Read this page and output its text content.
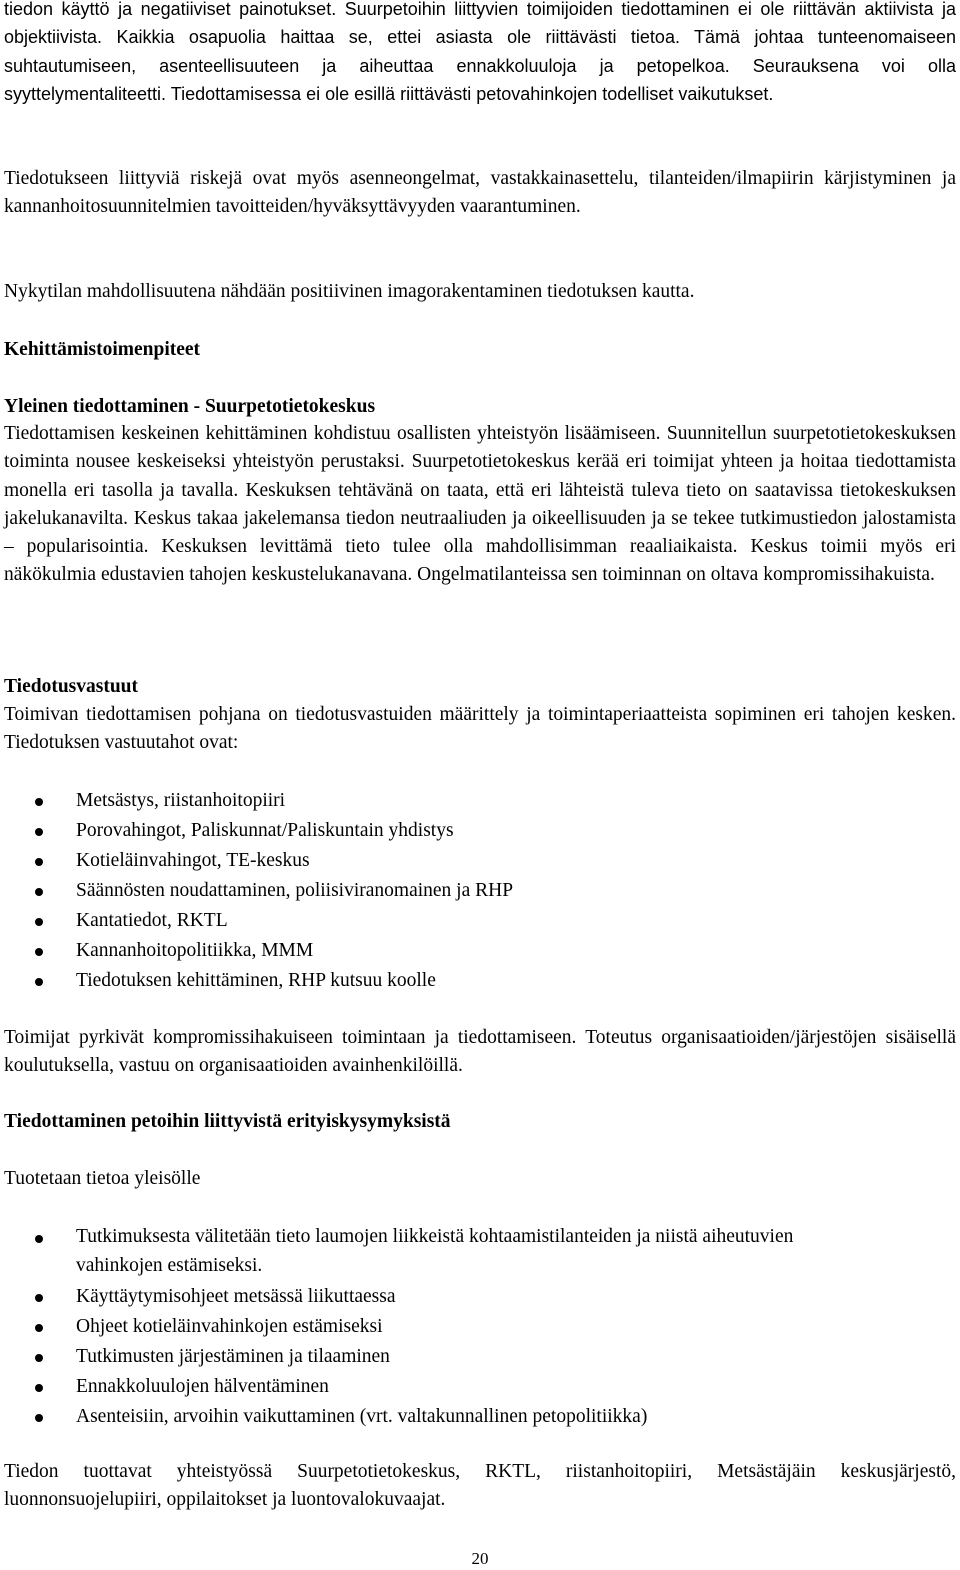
tiedon käyttö ja negatiiviset painotukset. Suurpetoihin liittyvien toimijoiden tiedottaminen ei ole riittävän aktiivista ja objektiivista. Kaikkia osapuolia haittaa se, ettei asiasta ole riittävästi tietoa. Tämä johtaa tunteenomaiseen suhtautumiseen, asenteellisuuteen ja aiheuttaa ennakkoluuloja ja petopelkoa. Seurauksena voi olla syyttelymentaliteetti. Tiedottamisessa ei ole esillä riittävästi petovahinkojen todelliset vaikutukset.

Tiedotukseen liittyviä riskejä ovat myös asenneongelmat, vastakkainasettelu, tilanteiden/ilmapiirin kärjistyminen ja kannanhoitosuunnitelmien tavoitteiden/hyväksyttävyyden vaarantuminen.

Nykytilan mahdollisuutena nähdään positiivinen imagorakentaminen tiedotuksen kautta.

Kehittämistoimenpiteet
Yleinen tiedottaminen - Suurpetotietokeskus

Tiedottamisen keskeinen kehittäminen kohdistuu osallisten yhteistyön lisäämiseen. Suunnitellun suurpetotietokeskuksen toiminta nousee keskeiseksi yhteistyön perustaksi. Suurpetotietokeskus kerää eri toimijat yhteen ja hoitaa tiedottamista monella eri tasolla ja tavalla. Keskuksen tehtävänä on taata, että eri lähteistä tuleva tieto on saatavissa tietokeskuksen jakelukanavilta. Keskus takaa jakelemansa tiedon neutraaliuden ja oikeellisuuden ja se tekee tutkimustiedon jalostamista – popularisointia. Keskuksen levittämä tieto tulee olla mahdollisimman reaaliaikaista. Keskus toimii myös eri näkökulmia edustavien tahojen keskustelukanavana. Ongelmatilanteissa sen toiminnan on oltava kompromissihakuista.

Tiedotusvastuut

Toimivan tiedottamisen pohjana on tiedotusvastuiden määrittely ja toimintaperiaatteista sopiminen eri tahojen kesken. Tiedotuksen vastuutahot ovat:

Metsästys, riistanhoitopiiri
Porovahingot, Paliskunnat/Paliskuntain yhdistys
Kotieläinvahingot, TE-keskus
Säännösten noudattaminen, poliisiviranomainen ja RHP
Kantatiedot, RKTL
Kannanhoitopolitiikka, MMM
Tiedotuksen kehittäminen, RHP kutsuu koolle

Toimijat pyrkivät kompromissihakuiseen toimintaan ja tiedottamiseen. Toteutus organisaatioiden/järjestöjen sisäisellä koulutuksella, vastuu on organisaatioiden avainhenkilöillä.

Tiedottaminen petoihin liittyvistä erityiskysymyksistä

Tuotetaan tietoa yleisölle

Tutkimuksesta välitetään tieto laumojen liikkeistä kohtaamistilanteiden ja niistä aiheutuvien vahinkojen estämiseksi.
Käyttäytymisohjeet metsässä liikuttaessa
Ohjeet kotieläinvahinkojen estämiseksi
Tutkimusten järjestäminen ja tilaaminen
Ennakkoluulojen hälventäminen
Asenteisiin, arvoihin vaikuttaminen (vrt. valtakunnallinen petopolitiikka)

Tiedon tuottavat yhteistyössä Suurpetotietokeskus, RKTL, riistanhoitopiiri, Metsästäjäin keskusjärjestö, luonnonsuojelupiiri, oppilaitokset ja luontovalokuvaajat.

20
